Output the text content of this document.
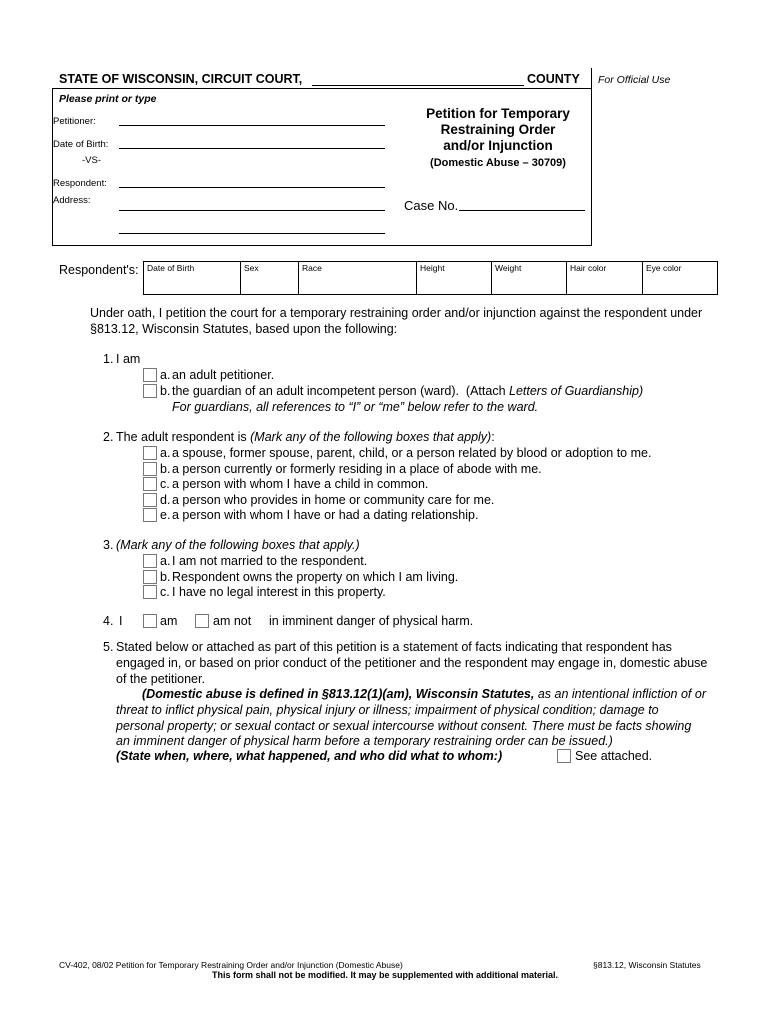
STATE OF WISCONSIN, CIRCUIT COURT,	COUNTY For Official Use
Please print or type
Petitioner:
Date of Birth:
-VS-
Respondent:
Address:
Petition for Temporary
Restraining Order
and/or Injunction
(Domestic Abuse – 30709)
Case No.
Respondent's: Date of Birth	Sex	Race	Height	Weight	Hair color	Eye color
Under oath, I petition the court for a temporary restraining order and/or injunction against the respondent under
§813.12, Wisconsin Statutes, based upon the following:
1. I am
a. an adult petitioner.
b. the guardian of an adult incompetent person (ward).  (Attach Letters of Guardianship)
For guardians, all references to “I” or “me” below refer to the ward.
2. The adult respondent is (Mark any of the following boxes that apply):
a. a spouse, former spouse, parent, child, or a person related by blood or adoption to me.
b. a person currently or formerly residing in a place of abode with me.
c. a person with whom I have a child in common.
d. a person who provides in home or community care for me.
e. a person with whom I have or had a dating relationship.
3. (Mark any of the following boxes that apply.)
a. I am not married to the respondent.
b. Respondent owns the property on which I am living.
c. I have no legal interest in this property.
4. I	am	am not in imminent danger of physical harm.
5. Stated below or attached as part of this petition is a statement of facts indicating that respondent has
engaged in, or based on prior conduct of the petitioner and the respondent may engage in, domestic abuse
of the petitioner.
(Domestic abuse is defined in §813.12(1)(am), Wisconsin Statutes, as an intentional infliction of or
threat to inflict physical pain, physical injury or illness; impairment of physical condition; damage to
personal property; or sexual contact or sexual intercourse without consent. There must be facts showing
an imminent danger of physical harm before a temporary restraining order can be issued.)
(State when, where, what happened, and who did what to whom:)	See attached.
CV-402, 08/02 Petition for Temporary Restraining Order and/or Injunction (Domestic Abuse)	§813.12, Wisconsin Statutes
This form shall not be modified. It may be supplemented with additional material.
